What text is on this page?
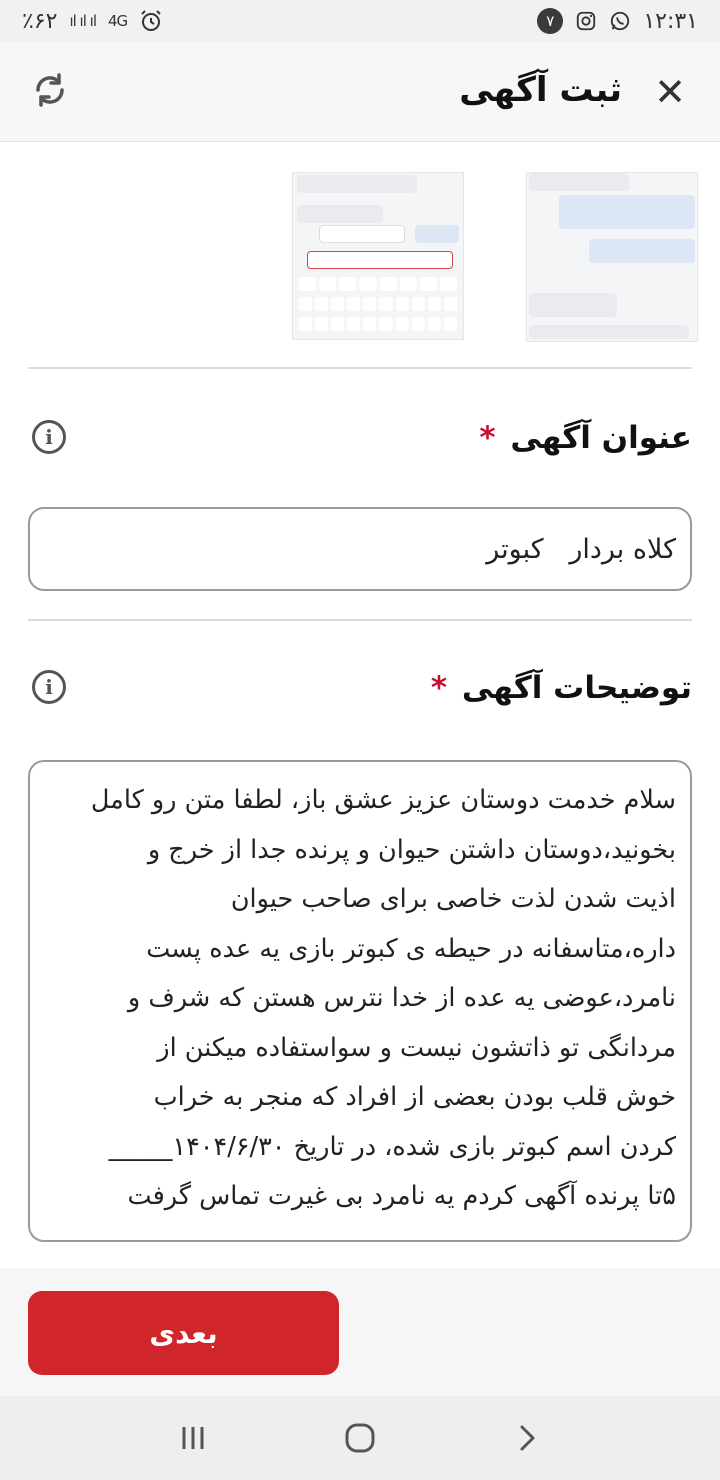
٪۶۲ ıl ıl ıl 4G	۷	۱۲:۳۱
✕
ثبت آگهی
عنوان آگهی *
i
کلاه بردار   کبوتر
توضیحات آگهی *
i
سلام خدمت دوستان عزیز عشق باز، لطفا متن رو کامل
بخونید،دوستان داشتن حیوان و پرنده جدا از خرج و
اذیت شدن لذت خاصی برای صاحب حیوان
داره،متاسفانه در حیطه ی کبوتر بازی یه عده پست
نامرد،عوضی یه عده از خدا نترس هستن که شرف و
مردانگی تو ذاتشون نیست و سواستفاده میکنن از
خوش قلب بودن بعضی از افراد که منجر به خراب
کردن اسم کبوتر بازی شده، در تاریخ ۱۴۰۴/۶/۳۰_____
۵تا پرنده آگهی کردم یه نامرد بی غیرت تماس گرفت
بعدی
